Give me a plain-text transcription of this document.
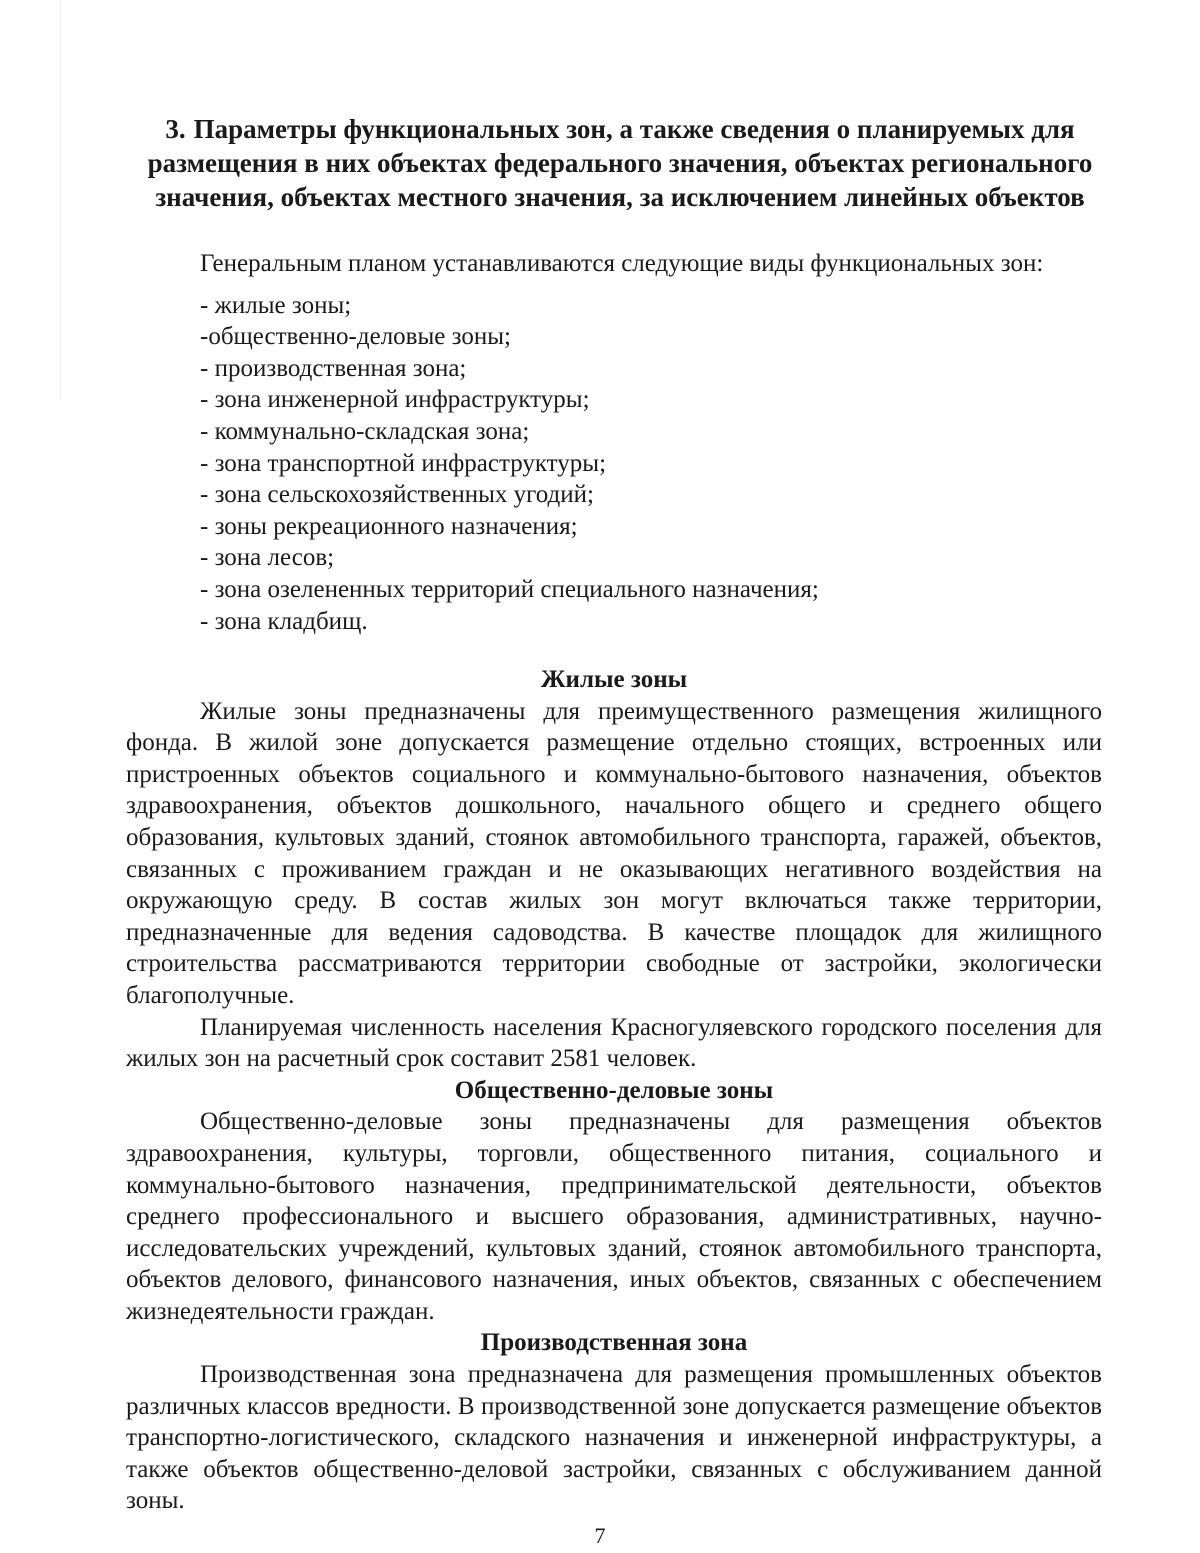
3. Параметры функциональных зон, а также сведения о планируемых для размещения в них объектах федерального значения, объектах регионального значения, объектах местного значения, за исключением линейных объектов

Генеральным планом устанавливаются следующие виды функциональных зон:

- жилые зоны;
-общественно-деловые зоны;
- производственная зона;
- зона инженерной инфраструктуры;
- коммунально-складская зона;
- зона транспортной инфраструктуры;
- зона сельскохозяйственных угодий;
- зоны рекреационного назначения;
- зона лесов;
- зона озелененных территорий специального назначения;
- зона кладбищ.

Жилые зоны

Жилые зоны предназначены для преимущественного размещения жилищного фонда. В жилой зоне допускается размещение отдельно стоящих, встроенных или пристроенных объектов социального и коммунально-бытового назначения, объектов здравоохранения, объектов дошкольного, начального общего и среднего общего образования, культовых зданий, стоянок автомобильного транспорта, гаражей, объектов, связанных с проживанием граждан и не оказывающих негативного воздействия на окружающую среду. В состав жилых зон могут включаться также территории, предназначенные для ведения садоводства. В качестве площадок для жилищного строительства рассматриваются территории свободные от застройки, экологически благополучные.

Планируемая численность населения Красногуляевского городского поселения для жилых зон на расчетный срок составит 2581 человек.

Общественно-деловые зоны

Общественно-деловые зоны предназначены для размещения объектов здравоохранения, культуры, торговли, общественного питания, социального и коммунально-бытового назначения, предпринимательской деятельности, объектов среднего профессионального и высшего образования, административных, научно-исследовательских учреждений, культовых зданий, стоянок автомобильного транспорта, объектов делового, финансового назначения, иных объектов, связанных с обеспечением жизнедеятельности граждан.

Производственная зона

Производственная зона предназначена для размещения промышленных объектов различных классов вредности. В производственной зоне допускается размещение объектов транспортно-логистического, складского назначения и инженерной инфраструктуры, а также объектов общественно-деловой застройки, связанных с обслуживанием данной зоны.

7
